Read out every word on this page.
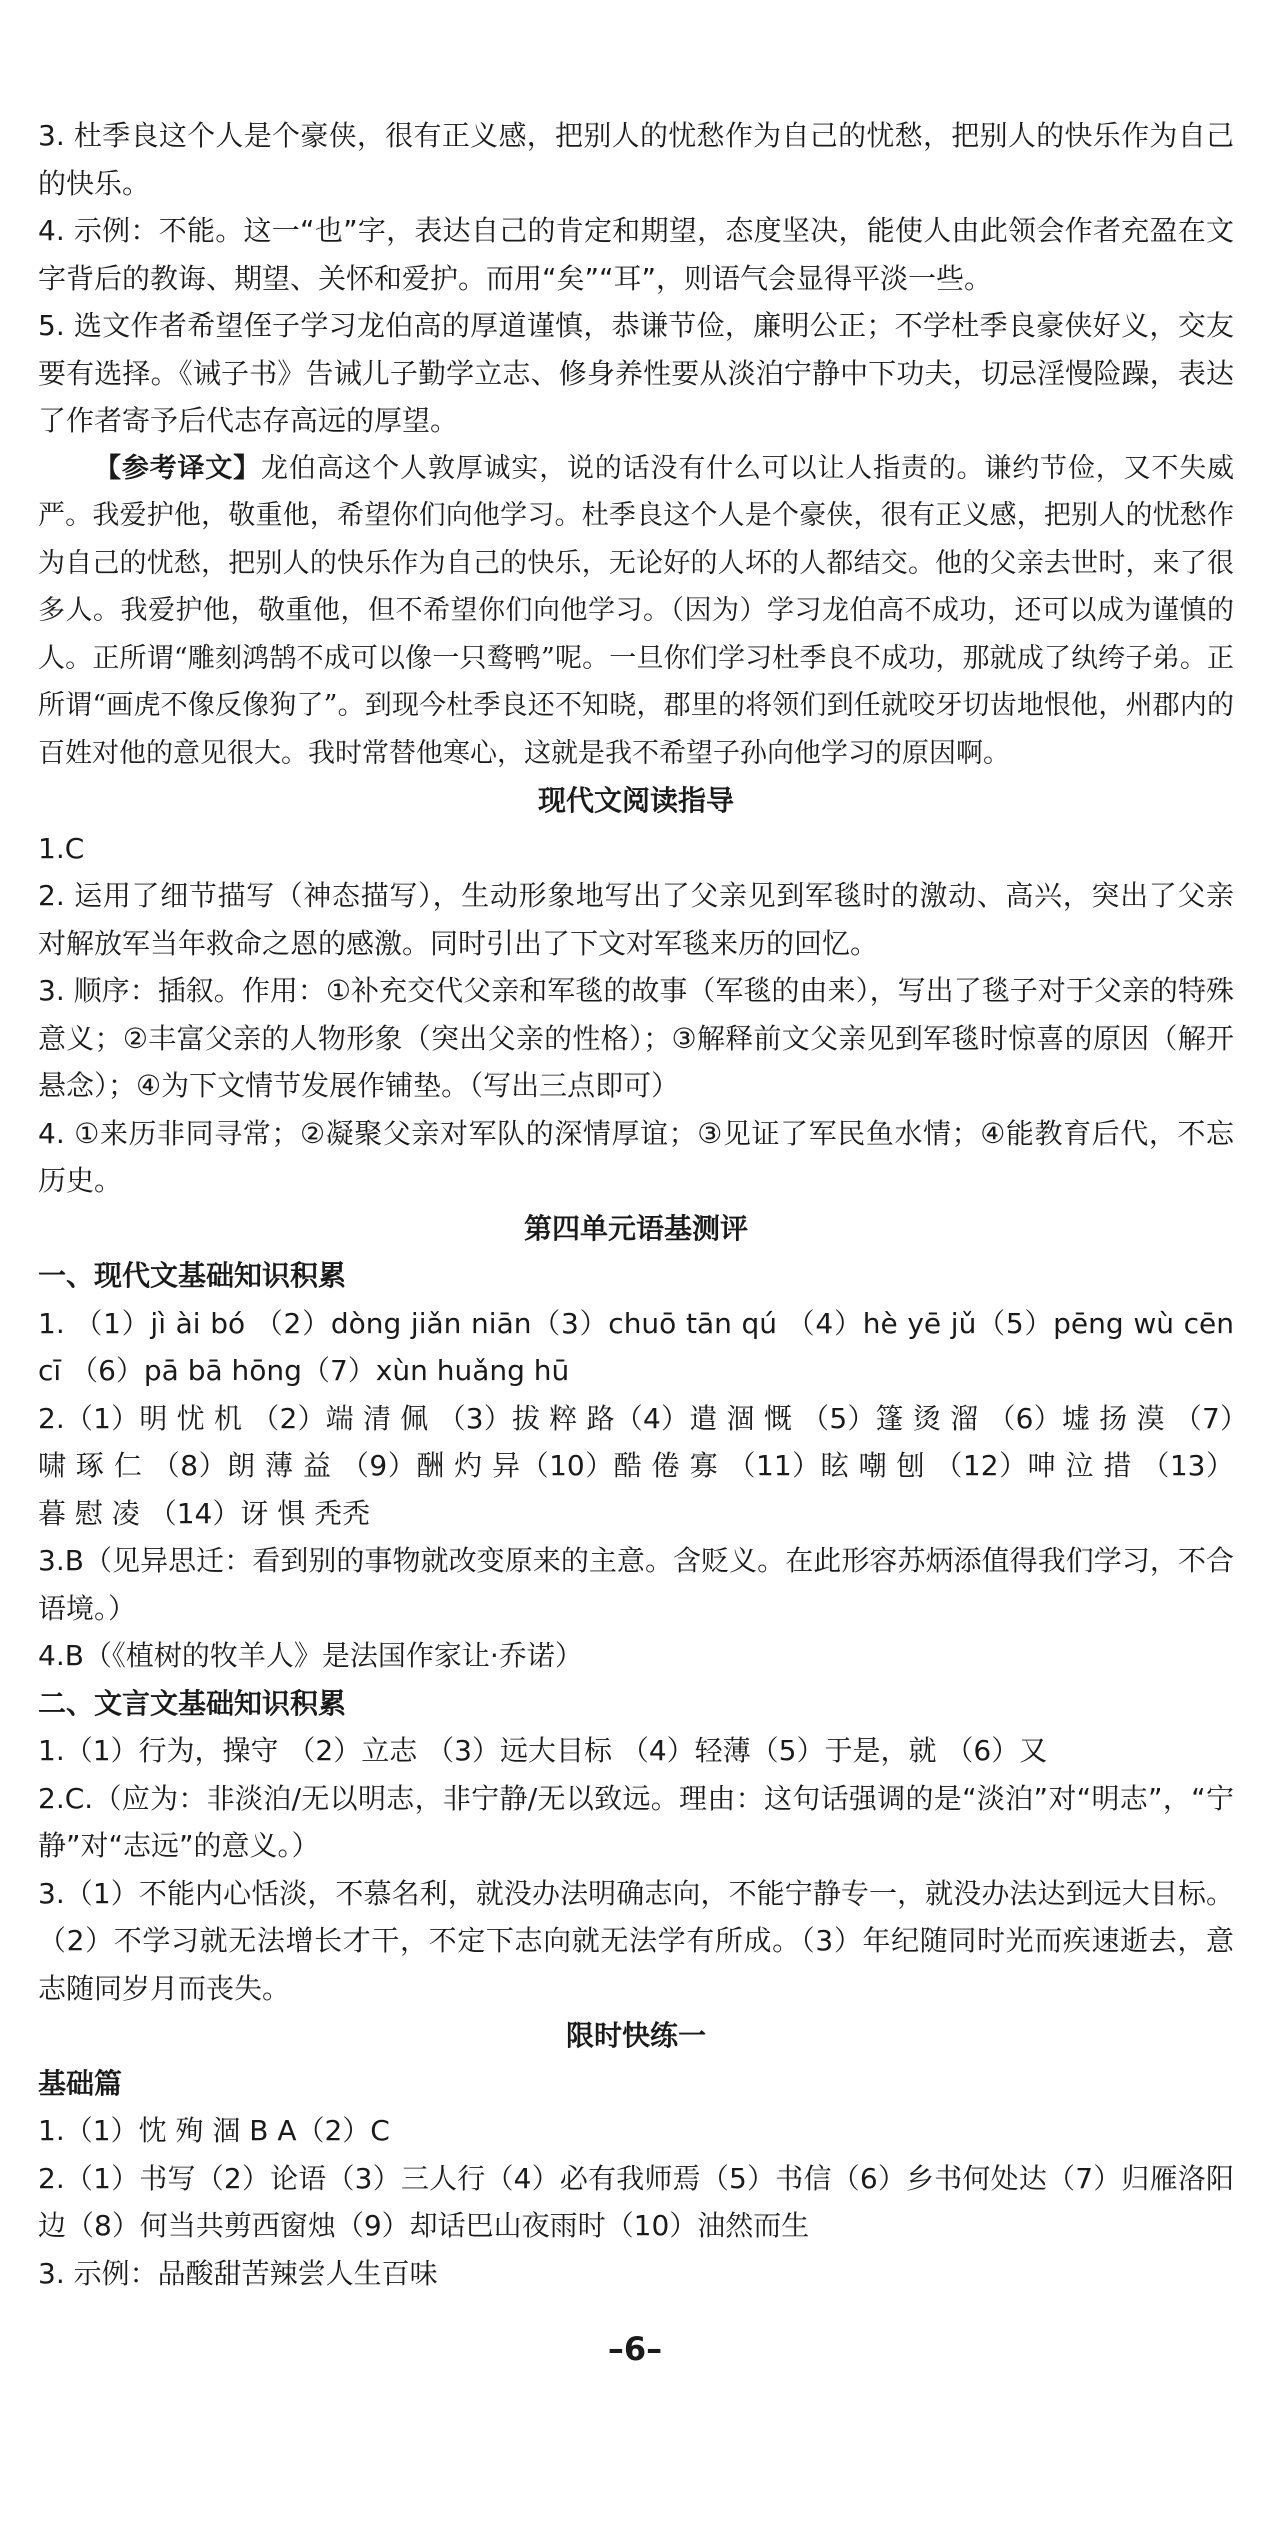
3. 杜季良这个人是个豪侠，很有正义感，把别人的忧愁作为自己的忧愁，把别人的快乐作为自己的快乐。

4. 示例：不能。这一“也”字，表达自己的肯定和期望，态度坚决，能使人由此领会作者充盈在文字背后的教诲、期望、关怀和爱护。而用“矣”“耳”，则语气会显得平淡一些。

5. 选文作者希望侄子学习龙伯高的厚道谨慎，恭谦节俭，廉明公正；不学杜季良豪侠好义，交友要有选择。《诫子书》告诫儿子勤学立志、修身养性要从淡泊宁静中下功夫，切忌淫慢险躁，表达了作者寄予后代志存高远的厚望。

【参考译文】龙伯高这个人敦厚诚实，说的话没有什么可以让人指责的。谦约节俭，又不失威严。我爱护他，敬重他，希望你们向他学习。杜季良这个人是个豪侠，很有正义感，把别人的忧愁作为自己的忧愁，把别人的快乐作为自己的快乐，无论好的人坏的人都结交。他的父亲去世时，来了很多人。我爱护他，敬重他，但不希望你们向他学习。（因为）学习龙伯高不成功，还可以成为谨慎的人。正所谓“雕刻鸿鹄不成可以像一只鹜鸭”呢。一旦你们学习杜季良不成功，那就成了纨绔子弟。正所谓“画虎不像反像狗了”。到现今杜季良还不知晓，郡里的将领们到任就咬牙切齿地恨他，州郡内的百姓对他的意见很大。我时常替他寒心，这就是我不希望子孙向他学习的原因啊。

现代文阅读指导

1.C

2. 运用了细节描写（神态描写），生动形象地写出了父亲见到军毯时的激动、高兴，突出了父亲对解放军当年救命之恩的感激。同时引出了下文对军毯来历的回忆。

3. 顺序：插叙。作用：①补充交代父亲和军毯的故事（军毯的由来），写出了毯子对于父亲的特殊意义；②丰富父亲的人物形象（突出父亲的性格）；③解释前文父亲见到军毯时惊喜的原因（解开悬念）；④为下文情节发展作铺垫。（写出三点即可）

4. ①来历非同寻常；②凝聚父亲对军队的深情厚谊；③见证了军民鱼水情；④能教育后代，不忘历史。

第四单元语基测评

一、现代文基础知识积累

1. （1）jì ài bó （2）dòng jiǎn niān（3）chuō tān qú （4）hè yē jǔ（5）pēng wù cēn cī （6）pā bā hōng（7）xùn huǎng hū

2.（1）明 忧 机 （2）端 清 佩 （3）拔 粹 路（4）遣 涸 慨 （5）篷 烫 溜 （6）墟 扬 漠 （7）啸 琢 仁 （8）朗 薄 益 （9）酬 灼 异（10）酷 倦 寡 （11）眩 嘲 刨 （12）呻 泣 措 （13）暮 慰 凌 （14）讶 惧 秃秃

3.B（见异思迁：看到别的事物就改变原来的主意。含贬义。在此形容苏炳添值得我们学习，不合语境。）

4.B（《植树的牧羊人》是法国作家让·乔诺）

二、文言文基础知识积累

1.（1）行为，操守 （2）立志 （3）远大目标 （4）轻薄（5）于是，就 （6）又

2.C.（应为：非淡泊/无以明志，非宁静/无以致远。理由：这句话强调的是“淡泊”对“明志”，“宁静”对“志远”的意义。）

3.（1）不能内心恬淡，不慕名利，就没办法明确志向，不能宁静专一，就没办法达到远大目标。（2）不学习就无法增长才干，不定下志向就无法学有所成。（3）年纪随同时光而疾速逝去，意志随同岁月而丧失。

限时快练一

基础篇

1.（1）忱 殉 涸 B A（2）C

2.（1）书写（2）论语（3）三人行（4）必有我师焉（5）书信（6）乡书何处达（7）归雁洛阳边（8）何当共剪西窗烛（9）却话巴山夜雨时（10）油然而生

3. 示例：品酸甜苦辣尝人生百味

–6–
